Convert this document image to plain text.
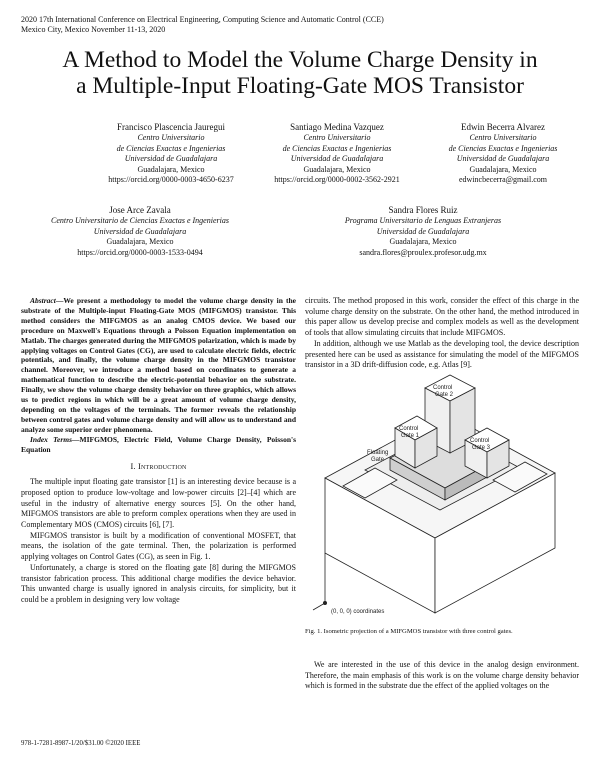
2020 17th International Conference on Electrical Engineering, Computing Science and Automatic Control (CCE)
Mexico City, Mexico November 11-13, 2020
A Method to Model the Volume Charge Density in
a Multiple-Input Floating-Gate MOS Transistor
Francisco Plascencia Jauregui
Centro Universitario
de Ciencias Exactas e Ingenierias
Universidad de Guadalajara
Guadalajara, Mexico
https://orcid.org/0000-0003-4650-6237
Santiago Medina Vazquez
Centro Universitario
de Ciencias Exactas e Ingenierias
Universidad de Guadalajara
Guadalajara, Mexico
https://orcid.org/0000-0002-3562-2921
Edwin Becerra Alvarez
Centro Universitario
de Ciencias Exactas e Ingenierias
Universidad de Guadalajara
Guadalajara, Mexico
edwincbecerra@gmail.com
Jose Arce Zavala
Centro Universitario de Ciencias Exactas e Ingenierias
Universidad de Guadalajara
Guadalajara, Mexico
https://orcid.org/0000-0003-1533-0494
Sandra Flores Ruiz
Programa Universitario de Lenguas Extranjeras
Universidad de Guadalajara
Guadalajara, Mexico
sandra.flores@proulex.profesor.udg.mx

Abstract—We present a methodology to model the volume charge density in the substrate of the Multiple-input Floating-Gate MOS (MIFGMOS) transistor. This method considers the MIFGMOS as an analog CMOS device. We based our procedure on Maxwell's Equations through a Poisson Equation implementation on Matlab. The charges generated during the MIFGMOS polarization, which is made by applying voltages on Control Gates (CG), are used to calculate electric fields, electric potentials, and finally, the volume charge density in the MIFGMOS transistor channel. Moreover, we introduce a method based on coordinates to generate a mathematical function to describe the electric-potential behavior on the substrate. Finally, we show the volume charge density behavior on three graphics, which allows us to predict regions in which will be a great amount of volume charge density, depending on the voltages of the terminals. The former reveals the relationship between control gates and volume charge density and will allow us to understand and analyze some superior order phenomena.

Index Terms—MIFGMOS, Electric Field, Volume Charge Density, Poisson's Equation

I. Introduction

The multiple input floating gate transistor [1] is an interesting device because is a proposed option to produce low-voltage and low-power circuits [2]–[4] which are useful in the industry of alternative energy sources [5]. On the other hand, MIFGMOS transistors are able to preform complex operations when they are used in Complementary MOS (CMOS) circuits [6], [7].

MIFGMOS transistor is built by a modification of conventional MOSFET, that means, the isolation of the gate terminal. Then, the polarization is performed applying voltages on Control Gates (CG), as seen in Fig. 1.

Unfortunately, a charge is stored on the floating gate [8] during the MIFGMOS transistor fabrication process. This additional charge modifies the device behavior. This unwanted charge is usually ignored in analysis circuits, for simplicity, but it could be a problem in designing very low voltage

circuits. The method proposed in this work, consider the effect of this charge in the volume charge density on the substrate. On the other hand, the method introduced in this paper allow us develop precise and complex models as well as the development of tools that allow simulating circuits that include MIFGMOS.

In addition, although we use Matlab as the developing tool, the device description presented here can be used as assistance for simulating the model of the MIFGMOS transistor in a 3D drift-diffusion code, e.g. Atlas [9].

Control Gate 2
Control Gate 1
Floating Gate
Control Gate 3
(0, 0, 0) coordinates
Fig. 1. Isometric projection of a MIFGMOS transistor with three control gates.

We are interested in the use of this device in the analog design environment. Therefore, the main emphasis of this work is on the volume charge density behavior which is formed in the substrate due the effect of the applied voltages on the

978-1-7281-8987-1/20/$31.00 ©2020 IEEE
